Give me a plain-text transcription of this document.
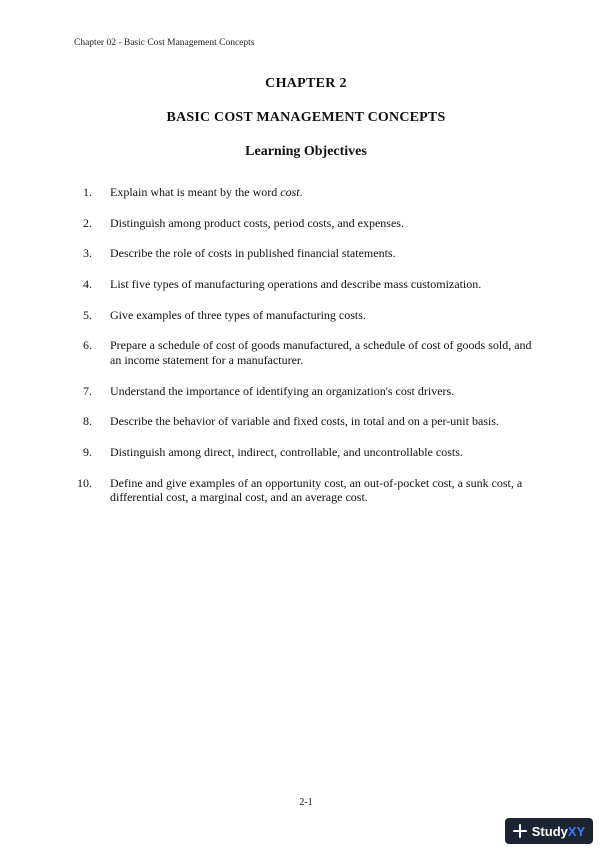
Chapter 02 - Basic Cost Management Concepts
CHAPTER 2
BASIC COST MANAGEMENT CONCEPTS
Learning Objectives
1. Explain what is meant by the word cost.
2. Distinguish among product costs, period costs, and expenses.
3. Describe the role of costs in published financial statements.
4. List five types of manufacturing operations and describe mass customization.
5. Give examples of three types of manufacturing costs.
6. Prepare a schedule of cost of goods manufactured, a schedule of cost of goods sold, and an income statement for a manufacturer.
7. Understand the importance of identifying an organization's cost drivers.
8. Describe the behavior of variable and fixed costs, in total and on a per-unit basis.
9. Distinguish among direct, indirect, controllable, and uncontrollable costs.
10. Define and give examples of an opportunity cost, an out-of-pocket cost, a sunk cost, a differential cost, a marginal cost, and an average cost.
2-1
StudyXY
